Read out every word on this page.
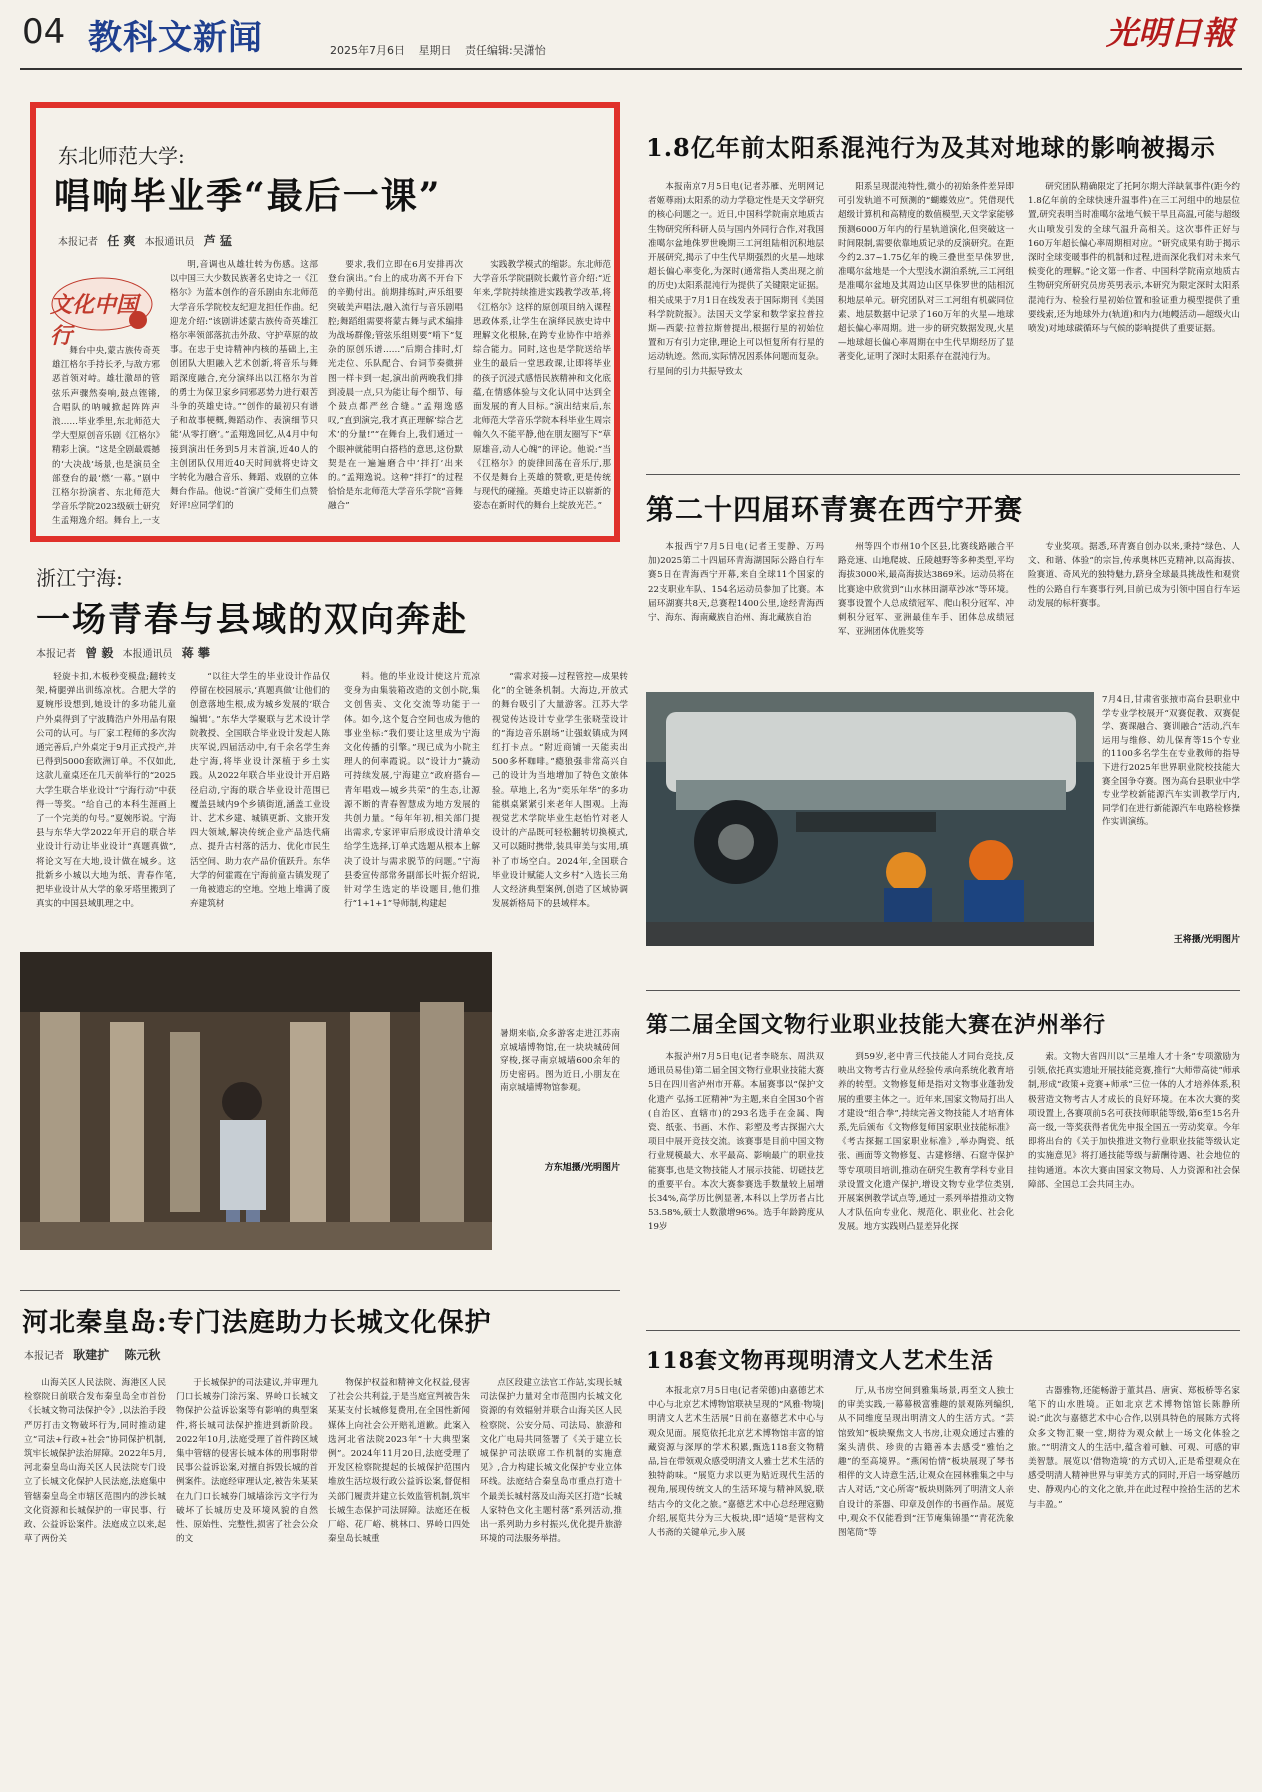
04 教科文新闻	2025年7月6日 星期日 责任编辑:吴潇怡	光明日報
东北师范大学:
唱响毕业季“最后一课”
本报记者 任 爽 本报通讯员 芦 猛
文化中国行

舞台中央,蒙古族传奇英雄江格尔手持长矛,与敌方邪恶首领对峙。雄壮激昂的管弦乐声骤然奏响,鼓点铿锵,合唱队的呐喊掀起阵阵声浪……毕业季里,东北师范大学大型原创音乐剧《江格尔》精彩上演。“这是全剧最震撼的‘大决战’场景,也是演员全部登台的最‘燃’一幕。”剧中江格尔扮演者、东北师范大学音乐学院2023级硕士研究生孟翔逸介绍。舞台上,一支

明,音调也从雄壮转为伤感。这部以中国三大少数民族著名史诗之一《江格尔》为蓝本创作的音乐剧由东北师范大学音乐学院校友纪迎龙担任作曲。纪迎龙介绍:“该剧讲述蒙古族传奇英雄江格尔率领部落抗击外敌、守护草原的故事。在忠于史诗精神内核的基础上,主创团队大胆融入艺术创新,将音乐与舞蹈深度融合,充分演绎出以江格尔为首的勇士为保卫家乡同邪恶势力进行艰苦斗争的英雄史诗。”“创作的最初只有谱子和故事梗概,舞蹈动作、表演细节只能‘从零打磨’。”孟翔逸回忆,从4月中旬接到演出任务到5月末首演,近40人的主创团队仅用近40天时间就将史诗文字转化为融合音乐、舞蹈、戏剧的立体舞台作品。他说:“首演广受师生们点赞好评!应同学们的

要求,我们立即在6月安排再次登台演出。”台上的成功离不开台下的辛勤付出。前期排练时,声乐组要突破美声唱法,融入流行与音乐剧唱腔;舞蹈组需要将蒙古舞与武术编排为战场群像;管弦乐组则要“啃下”复杂的原创乐谱……“后期合排时,灯光走位、乐队配合、台词节奏微拼图一样卡到一起,演出前两晚我们排到凌晨一点,只为能让每个细节、每个鼓点都严丝合缝。”孟翔逸感叹,“直到演完,我才真正理解‘综合艺术’的分量!”“在舞台上,我们通过一个眼神就能明白搭档的意思,这份默契是在一遍遍磨合中‘拌打’出来的。”孟翔逸说。这种“拌打”的过程恰恰是东北师范大学音乐学院“音舞融合”

实践教学模式的缩影。东北师范大学音乐学院副院长戴竹音介绍:“近年来,学院持续推进实践教学改革,将《江格尔》这样的原创项目纳入课程思政体系,让学生在演绎民族史诗中理解文化根脉,在跨专业协作中培养综合能力。同时,这也是学院送给毕业生的最后一堂思政课,让即将毕业的孩子沉浸式感悟民族精神和文化底蕴,在情感体验与文化认同中达到全面发展的育人目标。”演出结束后,东北师范大学音乐学院本科毕业生周宗翰久久不能平静,他在朋友圈写下“草原雄音,动人心魄”的评论。他说:“当《江格尔》的旋律回荡在音乐厅,那不仅是舞台上英雄的赞歌,更是传统与现代的碰撞。英雄史诗正以崭新的姿态在新时代的舞台上绽放光芒。”

1.8亿年前太阳系混沌行为及其对地球的影响被揭示

本报南京7月5日电(记者苏雁、光明网记者姬尊雨)太阳系的动力学稳定性是天文学研究的核心问题之一。近日,中国科学院南京地质古生物研究所科研人员与国内外同行合作,对我国准噶尔盆地侏罗世晚期三工河组陆相沉积地层开展研究,揭示了中生代早期强烈的火星—地球超长偏心率变化,为深时(通常指人类出现之前的历史)太阳系混沌行为提供了关键限定证据。相关成果于7月1日在线发表于国际期刊《美国科学院院报》。法国天文学家和数学家拉普拉斯—西蒙·拉普拉斯曾提出,根据行星的初始位置和万有引力定律,理论上可以恒复所有行星的运动轨迹。然而,实际情况因系体问题而复杂。行星间的引力共振导致太

阳系呈现混沌特性,微小的初始条件差异即可引发轨道不可预测的“蝴蝶效应”。凭借现代超级计算机和高精度的数值模型,天文学家能够预测6000万年内的行星轨道演化,但突破这一时间限制,需要依靠地质记录的反演研究。在距今约2.37~1.75亿年的晚三叠世至早侏罗世,准噶尔盆地是一个大型浅水湖泊系统,三工河组是准噶尔盆地及其周边山区早侏罗世的陆相沉积地层单元。研究团队对三工河组有机碳同位素、地层数据中记录了160万年的火星—地球超长偏心率周期。进一步的研究数据发现,火星—地球超长偏心率周期在中生代早期经历了显著变化,证明了深时太阳系存在混沌行为。

研究团队精确限定了托阿尔期大洋缺氧事件(距今约1.8亿年前的全球快速升温事件)在三工河组中的地层位置,研究表明当时准噶尔盆地气候干旱且高温,可能与超级火山喷发引发的全球气温升高相关。这次事件正好与160万年超长偏心率周期相对应。“研究成果有助于揭示深时全球变暖事件的机制和过程,进而深化我们对未来气候变化的理解。”论文第一作者、中国科学院南京地质古生物研究所研究员房英男表示,本研究为限定深时太阳系混沌行为、检验行星初始位置和验证重力模型提供了重要线索,还为地球外力(轨道)和内力(地幔活动—超级火山喷发)对地球碳循环与气候的影响提供了重要证据。

浙江宁海:
一场青春与县域的双向奔赴
本报记者 曾 毅 本报通讯员 蒋 攀

轻旋卡扣,木板秒变模盘;翻转支架,椅腿弹出训练凉枕。合肥大学的夏婉彤设想到,她设计的多功能儿童户外桌得到了宁波腾浩户外用品有限公司的认可。与厂家工程师的多次沟通完善后,户外桌定于9月正式投产,并已得到5000套欧洲订单。不仅如此,这款儿童桌还在几天前举行的“2025大学生联合毕业设计“宁海行动”中获得一等奖。“给自己的本科生涯画上了一个完美的句号。”夏婉彤说。宁海县与东华大学2022年开启的联合毕业设计行动让毕业设计“真题真做”,将论文写在大地,设计做在城乡。这批新乡小城以大地为纸、青春作笔,把毕业设计从大学的象牙塔里搬到了真实的中国县域肌理之中。

“以往大学生的毕业设计作品仅停留在校园展示,‘真题真做’让他们的创意落地生根,成为城乡发展的‘联合编辑’。”东华大学聚联与艺术设计学院教授、全国联合毕业设计发起人陈庆军说,四届活动中,有千余名学生奔赴宁海,将毕业设计深植于乡土实践。从2022年联合毕业设计开启路径启动,宁海的联合毕业设计范围已覆盖县域内9个乡镇街道,涵盖工业设计、艺术乡建、城镇更新、文旅开发四大领域,解决传统企业产品迭代痛点、提升古村落的活力、优化市民生活空间、助力农产品价值跃升。东华大学的何霍霞在宁海前童古镇发现了一角被遗忘的空地。空地上堆满了废弃建筑材

料。他的毕业设计使这片荒凉变身为由集装箱改造的文创小院,集文创售卖、文化交流等功能于一体。如今,这个复合空间也成为他的事业坐标:“我们要让这里成为宁海文化传播的引擎。”现已成为小院主理人的何率霞说。以“设计力”撬动可持续发展,宁海建立“政府搭台—青年唱戏—城乡共荣”的生态,让源源不断的青春智慧成为地方发展的共创力量。“每年年初,相关部门提出需求,专家评审后形成设计清单交给学生选择,订单式选题从根本上解决了设计与需求脱节的问题。”宁海县委宣传部常务副部长叶振介绍说,针对学生选定的毕设题目,他们推行“1+1+1”导师制,构建起

“需求对接—过程管控—成果转化”的全链条机制。大海边,开放式的舞台吸引了大量游客。江苏大学视觉传达设计专业学生张晓莹设计的“海边音乐剧场”让强蚁镇成为网红打卡点。“附近商铺一天能卖出500多杯咖啡。”瘾狼强非常高兴自己的设计为当地增加了特色文旅体验。草地上,名为“奕乐年华”的多功能棋桌紧紧引来老年人围观。上海视觉艺术学院毕业生赵怡竹对老人设计的产品既可轻松翻转切换模式,又可以随时携带,装具审美与实用,填补了市场空白。2024年,全国联合毕业设计赋能人文乡村”入选长三角人文经济典型案例,创造了区域协调发展新格局下的县域样本。

第二十四届环青赛在西宁开赛

本报西宁7月5日电(记者王雯静、万玛加)2025第二十四届环青海湖国际公路自行车赛5日在青海西宁开幕,来自全球11个国家的22支职业车队、154名运动员参加了比赛。本届环湖赛共8天,总赛程1400公里,途经青海西宁、海东、海南藏族自治州、海北藏族自治

州等四个市州10个区县,比赛线路融合平路竞速、山地爬坡、丘陵越野等多种类型,平均海拔3000米,最高海拔达3869米。运动员将在比赛途中欣赏到“山水林田湖草沙冰”等环境。赛事设置个人总成绩冠军、爬山积分冠军、冲刺积分冠军、亚洲最佳车手、团体总成绩冠军、亚洲团体优胜奖等

专业奖项。据悉,环青赛自创办以来,秉持“绿色、人文、和谐、体验”的宗旨,传承奥林匹克精神,以高海拔、险赛道、奇风光的独特魅力,跻身全球最具挑战性和观赏性的公路自行车赛事行列,目前已成为引领中国自行车运动发展的标杆赛事。

7月4日,甘肃省张掖市高台县职业中学专业学校展开“双赛促教、双赛促学、赛课融合、赛训融合”活动,汽车运用与维修、幼儿保育等15个专业的1100多名学生在专业教师的指导下进行2025年世界职业院校技能大赛全国争夺赛。图为高台县职业中学专业学校新能源汽车实训教学厅内,同学们在进行新能源汽车电路检修操作实训演练。
王将摄/光明图片
暑期来临,众多游客走进江苏南京城墙博物馆,在一块块城砖间穿梭,探寻南京城墙600余年的历史密码。图为近日,小朋友在南京城墙博物馆参观。
方东旭摄/光明图片
第二届全国文物行业职业技能大赛在泸州举行

本报泸州7月5日电(记者李晓东、周洪双 通讯员易佳)第二届全国文物行业职业技能大赛5日在四川省泸州市开幕。本届赛事以“保护文化遗产 弘扬工匠精神”为主题,来自全国30个省(自治区、直辖市)的293名选手在金属、陶瓷、纸张、书画、木作、彩塑及考古探掘六大项目中展开竞技交流。该赛事是目前中国文物行业规模最大、水平最高、影响最广的职业技能赛事,也是文物技能人才展示技能、切磋技艺的重要平台。本次大赛参赛选手数量较上届增长34%,高学历比例显著,本科以上学历者占比53.58%,硕士人数激增96%。选手年龄跨度从19岁

到59岁,老中青三代技能人才同台竞技,反映出文物考古行业从经验传承向系统化教育培养的转型。文物修复师是指对文物事业蓬勃发展的重要主体之一。近年来,国家文物局打出人才建设“组合拳”,持续完善文物技能人才培育体系,先后颁布《文物修复师国家职业技能标准》《考古探掘工国家职业标准》,举办陶瓷、纸张、画面等文物修复、古建修缮、石窟寺保护等专项项目培训,推动在研究生教育学科专业目录设置文化遗产保护,增设文物专业学位类别,开展案例教学试点等,通过一系列举措推动文物人才队伍向专业化、规范化、职业化、社会化发展。地方实践则凸显差异化探

索。文物大省四川以“三星堆人才十条”专项激励为引领,依托真实遗址开展技能竞赛,推行“大师带高徒”师承制,形成“政策+竞赛+师承”三位一体的人才培养体系,积极营造文物考古人才成长的良好环境。在本次大赛的奖项设置上,各赛项前5名可获技师职能等级,第6至15名升高一级,一等奖获得者优先申报全国五一劳动奖章。今年即将出台的《关于加快推进文物行业职业技能等级认定的实施意见》将打通技能等级与薪酬待遇、社会地位的挂钩通道。本次大赛由国家文物局、人力资源和社会保障部、全国总工会共同主办。

河北秦皇岛:专门法庭助力长城文化保护
本报记者 耿建扩 陈元秋

山海关区人民法院、海港区人民检察院日前联合发布秦皇岛全市首份《长城文物司法保护令》,以法治手段严厉打击文物破坏行为,同时推动建立“司法+行政+社会”协同保护机制,筑牢长城保护法治屏障。2022年5月,河北秦皇岛山海关区人民法院专门设立了长城文化保护人民法庭,法庭集中管辖秦皇岛全市辖区范围内的涉长城文化资源和长城保护的一审民事、行政、公益诉讼案件。法庭成立以来,起草了两份关

于长城保护的司法建议,并审理九门口长城券门涂污案、界岭口长城文物保护公益诉讼案等有影响的典型案件,将长城司法保护推进到新阶段。2022年10月,法庭受理了首件跨区域集中管辖的侵害长城本体的刑事附带民事公益诉讼案,对擅自拆毁长城的首例案件。法庭经审理认定,被告朱某某在九门口长城券门城墙涂污文字行为破坏了长城历史及环境风貌的自然性、原始性、完整性,损害了社会公众的文

物保护权益和精神文化权益,侵害了社会公共利益,于是当庭宣判被告朱某某支付长城修复费用,在全国性新闻媒体上向社会公开赔礼道歉。此案入选河北省法院2023年“十大典型案例”。2024年11月20日,法庭受理了开发区检察院提起的长城保护范围内堆放生活垃圾行政公益诉讼案,督促相关部门履责并建立长效监管机制,筑牢长城生态保护司法屏障。法庭还在板厂峪、花厂峪、桃林口、界岭口四处秦皇岛长城重

点区段建立法官工作站,实现长城司法保护力量对全市范围内长城文化资源的有效辐射并联合山海关区人民检察院、公安分局、司法局、旅游和文化广电局共同签署了《关于建立长城保护司法联席工作机制的实施意见》,合力构建长城文化保护专业立体环线。法庭结合秦皇岛市重点打造十个最美长城村落及山海关区打造“长城人家特色文化主题村落”系列活动,推出一系列助力乡村振兴,优化提升旅游环境的司法服务举措。

118套文物再现明清文人艺术生活

本报北京7月5日电(记者荣德)由嘉德艺术中心与北京艺术博物馆联袂呈现的“风雅·物境|明清文人艺术生活展”日前在嘉德艺术中心与观众见面。展览依托北京艺术博物馆丰富的馆藏资源与深厚的学术积累,甄选118套文物精品,旨在带领观众感受明清文人雅士艺术生活的独特韵味。“展览力求以更为贴近现代生活的视角,展现传统文人的生活环境与精神风貌,联结古今的文化之旅。”嘉德艺术中心总经理寇勤介绍,展览共分为三大板块,即“适境”是营构文人书斋的关键单元,步入展

厅,从书房空间到雅集场景,再至文人独士的审美实践,一幕幕极富雅趣的景观陈列编织,从不同维度呈现出明清文人的生活方式。“芸馆致知”板块聚焦文人书房,让观众通过古雅的案头清供、珍贵的古籍善本去感受“雅怡之趣”的至高境界。“燕闲怡情”板块展现了琴书相伴的文人诗意生活,让观众在园林雅集之中与古人对话,“文心所寄”板块则陈列了明清文人亲自设计的茶器、印章及创作的书画作品。展览中,观众不仅能看到“汪节庵集锦墨”“青花洗象图笔筒”等

古器雅物,还能畅游于董其昌、唐寅、郑板桥等名家笔下的山水胜境。正如北京艺术博物馆馆长陈静所说:“此次与嘉德艺术中心合作,以别具特色的展陈方式将众多文物汇聚一堂,期待为观众献上一场文化体验之旅。”“明清文人的生活中,蕴含着可触、可观、可感的审美智慧。展览以‘借物造境’的方式切入,正是希望观众在感受明清人精神世界与审美方式的同时,开启一场穿越历史、静观内心的文化之旅,并在此过程中捡拾生活的艺术与丰盈。”
